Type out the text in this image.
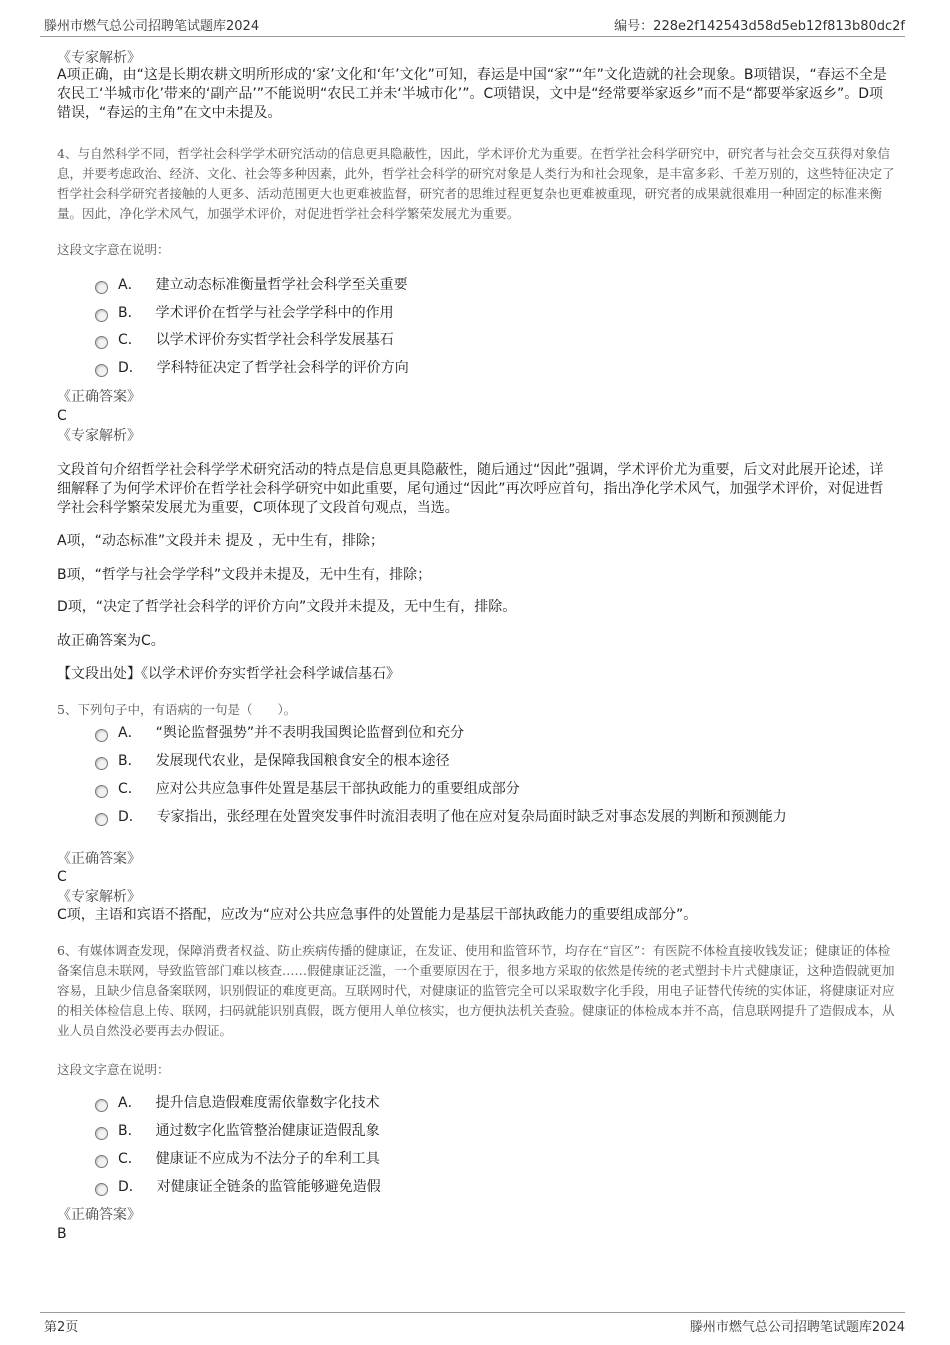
滕州市燃气总公司招聘笔试题库2024	编号：228e2f142543d58d5eb12f813b80dc2f
《专家解析》
A项正确，由“这是长期农耕文明所形成的‘家’文化和‘年’文化”可知，春运是中国“家”“年”文化造就的社会现象。B项错误，“春运不全是农民工‘半城市化’带来的‘副产品’”不能说明“农民工并未‘半城市化’”。C项错误，文中是“经常要举家返乡”而不是“都要举家返乡”。D项错误，“春运的主角”在文中未提及。
4、与自然科学不同，哲学社会科学学术研究活动的信息更具隐蔽性，因此，学术评价尤为重要。在哲学社会科学研究中，研究者与社会交互获得对象信息，并要考虑政治、经济、文化、社会等多种因素，此外，哲学社会科学的研究对象是人类行为和社会现象，是丰富多彩、千差万别的，这些特征决定了哲学社会科学研究者接触的人更多、活动范围更大也更难被监督，研究者的思维过程更复杂也更难被重现，研究者的成果就很难用一种固定的标准来衡量。因此，净化学术风气，加强学术评价，对促进哲学社会科学繁荣发展尤为重要。
这段文字意在说明：
A． 建立动态标准衡量哲学社会科学至关重要
B． 学术评价在哲学与社会学学科中的作用
C． 以学术评价夯实哲学社会科学发展基石
D． 学科特征决定了哲学社会科学的评价方向
《正确答案》
C
《专家解析》
文段首句介绍哲学社会科学学术研究活动的特点是信息更具隐蔽性，随后通过“因此”强调，学术评价尤为重要，后文对此展开论述，详细解释了为何学术评价在哲学社会科学研究中如此重要，尾句通过“因此”再次呼应首句，指出净化学术风气，加强学术评价，对促进哲学社会科学繁荣发展尤为重要，C项体现了文段首句观点，当选。
A项，“动态标准”文段并未 提及 ，无中生有，排除；
B项，“哲学与社会学学科”文段并未提及，无中生有，排除；
D项，“决定了哲学社会科学的评价方向”文段并未提及，无中生有，排除。
故正确答案为C。
【文段出处】《以学术评价夯实哲学社会科学诚信基石》
5、下列句子中，有语病的一句是（　　）。
A． “舆论监督强势”并不表明我国舆论监督到位和充分
B． 发展现代农业，是保障我国粮食安全的根本途径
C． 应对公共应急事件处置是基层干部执政能力的重要组成部分
D． 专家指出，张经理在处置突发事件时流泪表明了他在应对复杂局面时缺乏对事态发展的判断和预测能力
《正确答案》
C
《专家解析》
C项，主语和宾语不搭配，应改为“应对公共应急事件的处置能力是基层干部执政能力的重要组成部分”。
6、有媒体调查发现，保障消费者权益、防止疾病传播的健康证，在发证、使用和监管环节，均存在“盲区”：有医院不体检直接收钱发证；健康证的体检备案信息未联网，导致监管部门难以核查……假健康证泛滥，一个重要原因在于，很多地方采取的依然是传统的老式塑封卡片式健康证，这种造假就更加容易，且缺少信息备案联网，识别假证的难度更高。互联网时代，对健康证的监管完全可以采取数字化手段，用电子证替代传统的实体证，将健康证对应的相关体检信息上传、联网，扫码就能识别真假，既方便用人单位核实，也方便执法机关查验。健康证的体检成本并不高，信息联网提升了造假成本，从业人员自然没必要再去办假证。
这段文字意在说明：
A． 提升信息造假难度需依靠数字化技术
B． 通过数字化监管整治健康证造假乱象
C． 健康证不应成为不法分子的牟利工具
D． 对健康证全链条的监管能够避免造假
《正确答案》
B
第2页	滕州市燃气总公司招聘笔试题库2024
